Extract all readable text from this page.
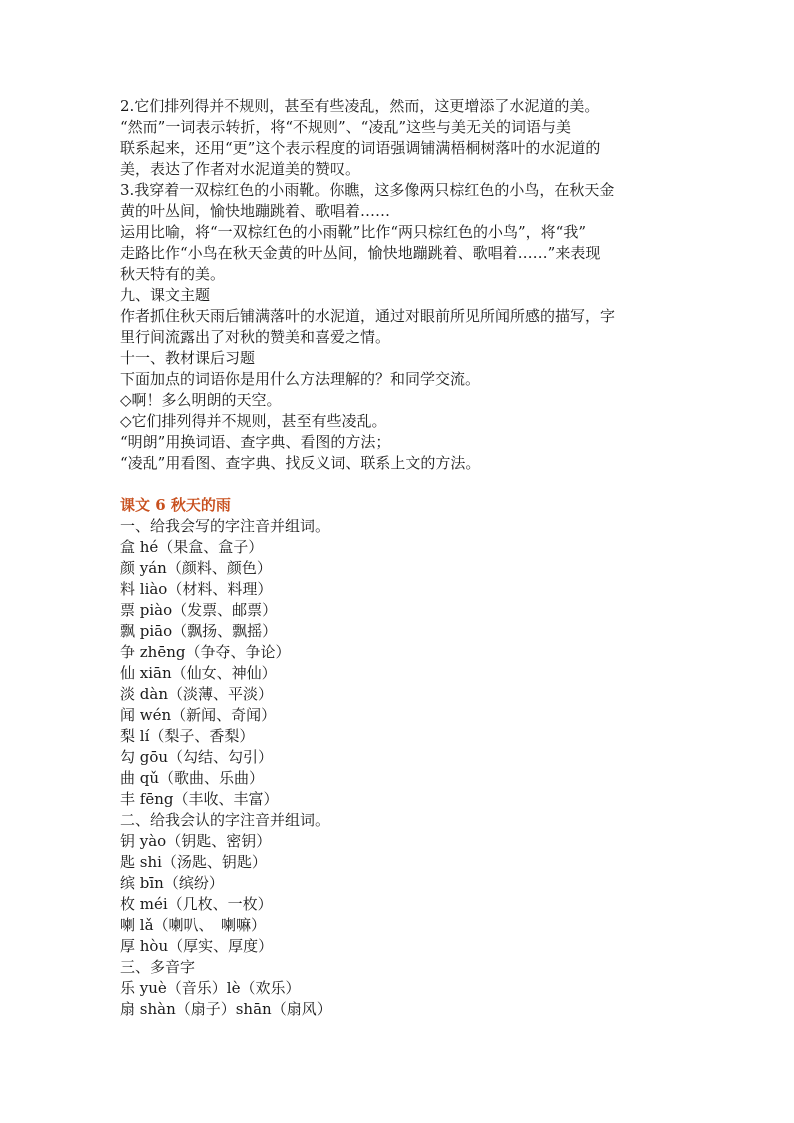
2.它们排列得并不规则，甚至有些凌乱，然而，这更增添了水泥道的美。
“然而”一词表示转折，将“不规则”、“凌乱”这些与美无关的词语与美
联系起来，还用“更”这个表示程度的词语强调铺满梧桐树落叶的水泥道的
美，表达了作者对水泥道美的赞叹。
3.我穿着一双棕红色的小雨靴。你瞧，这多像两只棕红色的小鸟，在秋天金
黄的叶丛间，愉快地蹦跳着、歌唱着……
运用比喻，将“一双棕红色的小雨靴”比作“两只棕红色的小鸟”，将“我”
走路比作“小鸟在秋天金黄的叶丛间，愉快地蹦跳着、歌唱着……”来表现
秋天特有的美。
九、课文主题
作者抓住秋天雨后铺满落叶的水泥道，通过对眼前所见所闻所感的描写，字
里行间流露出了对秋的赞美和喜爱之情。
十一、教材课后习题
下面加点的词语你是用什么方法理解的？和同学交流。
◇啊！多么明朗的天空。
◇它们排列得并不规则，甚至有些凌乱。
“明朗”用换词语、查字典、看图的方法；
“凌乱”用看图、查字典、找反义词、联系上文的方法。
课文 6 秋天的雨
一、给我会写的字注音并组词。
盒 hé（果盒、盒子）
颜 yán（颜料、颜色）
料 liào（材料、料理）
票 piào（发票、邮票）
飘 piāo（飘扬、飘摇）
争 zhēng（争夺、争论）
仙 xiān（仙女、神仙）
淡 dàn（淡薄、平淡）
闻 wén（新闻、奇闻）
梨 lí（梨子、香梨）
勾 gōu（勾结、勾引）
曲 qǔ（歌曲、乐曲）
丰 fēng（丰收、丰富）
二、给我会认的字注音并组词。
钥 yào（钥匙、密钥）
匙 shi（汤匙、钥匙）
缤 bīn（缤纷）
枚 méi（几枚、一枚）
喇 lǎ（喇叭、　喇嘛）
厚 hòu（厚实、厚度）
三、多音字
乐 yuè（音乐）lè（欢乐）
扇 shàn（扇子）shān（扇风）
